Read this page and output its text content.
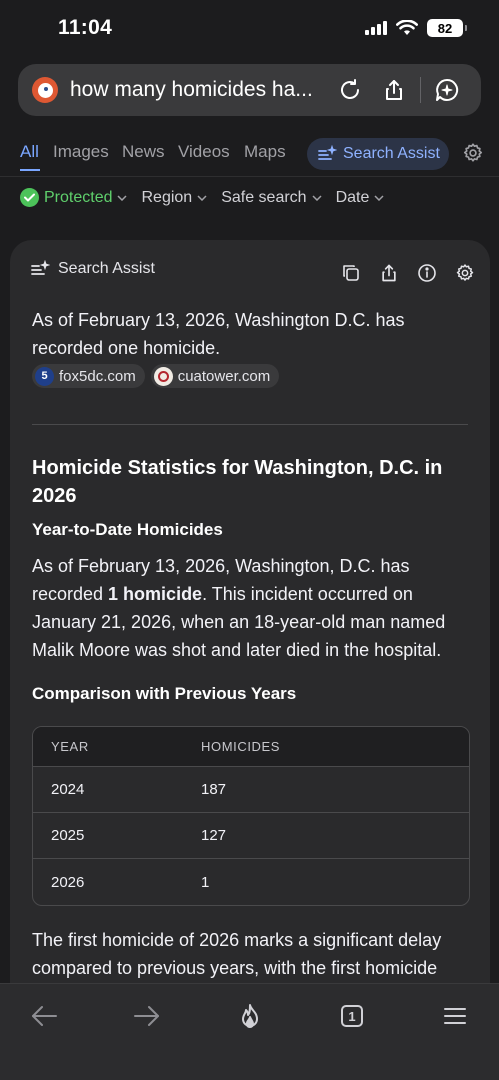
11:04	82
how many homicides ha...
All Images News Videos Maps	Search Assist
Protected Region Safe search Date
Search Assist
As of February 13, 2026, Washington D.C. has recorded one homicide.
5 fox5dc.com	cuatower.com
Homicide Statistics for Washington, D.C. in 2026
Year-to-Date Homicides
As of February 13, 2026, Washington, D.C. has recorded 1 homicide. This incident occurred on January 21, 2026, when an 18-year-old man named Malik Moore was shot and later died in the hospital.
Comparison with Previous Years
YEAR	HOMICIDES
2024	187
2025	127
2026	1
The first homicide of 2026 marks a significant delay compared to previous years, with the first homicide
1
